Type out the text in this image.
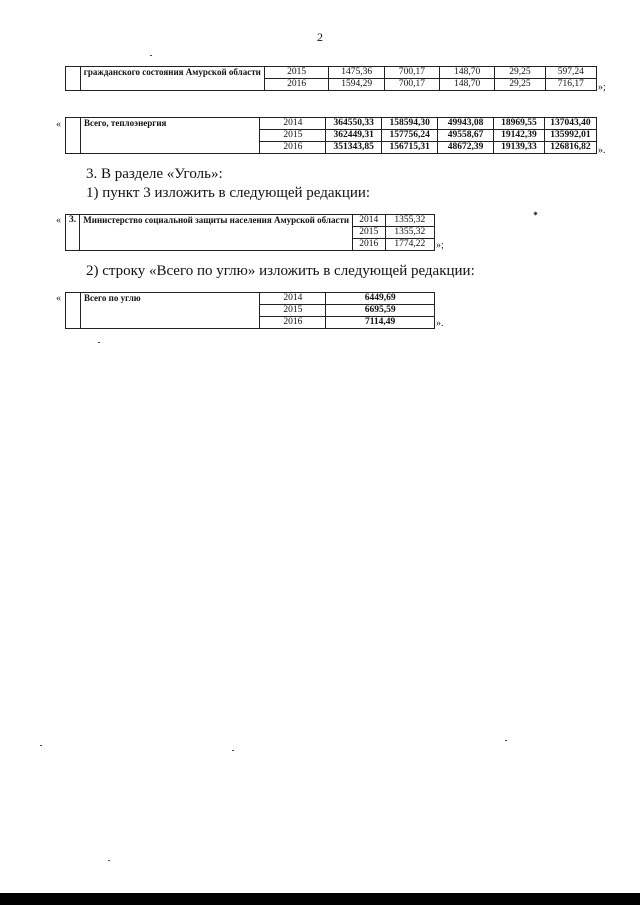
2
	гражданского состояния Амурской области	2015	1475,36	700,17	148,70	29,25	597,24
		2016	1594,29	700,17	148,70	29,25	716,17 »;
«
		Всего, теплоэнергия	2014	364550,33	158594,30	49943,08	18969,55	137043,40
		2015	362449,31	157756,24	49558,67	19142,39	135992,01
		2016	351343,85	156715,31	48672,39	19139,33	126816,82 ».
3. В разделе «Уголь»:
1) пункт 3 изложить в следующей редакции:
« 3.	Министерство социальной защиты населения Амурской области	2014	1355,32
		2015	1355,32
		2016	1774,22 »;
2) строку «Всего по углю» изложить в следующей редакции:
«
		Всего по углю	2014	6449,69
		2015	6695,59
		2016	7114,49	».
